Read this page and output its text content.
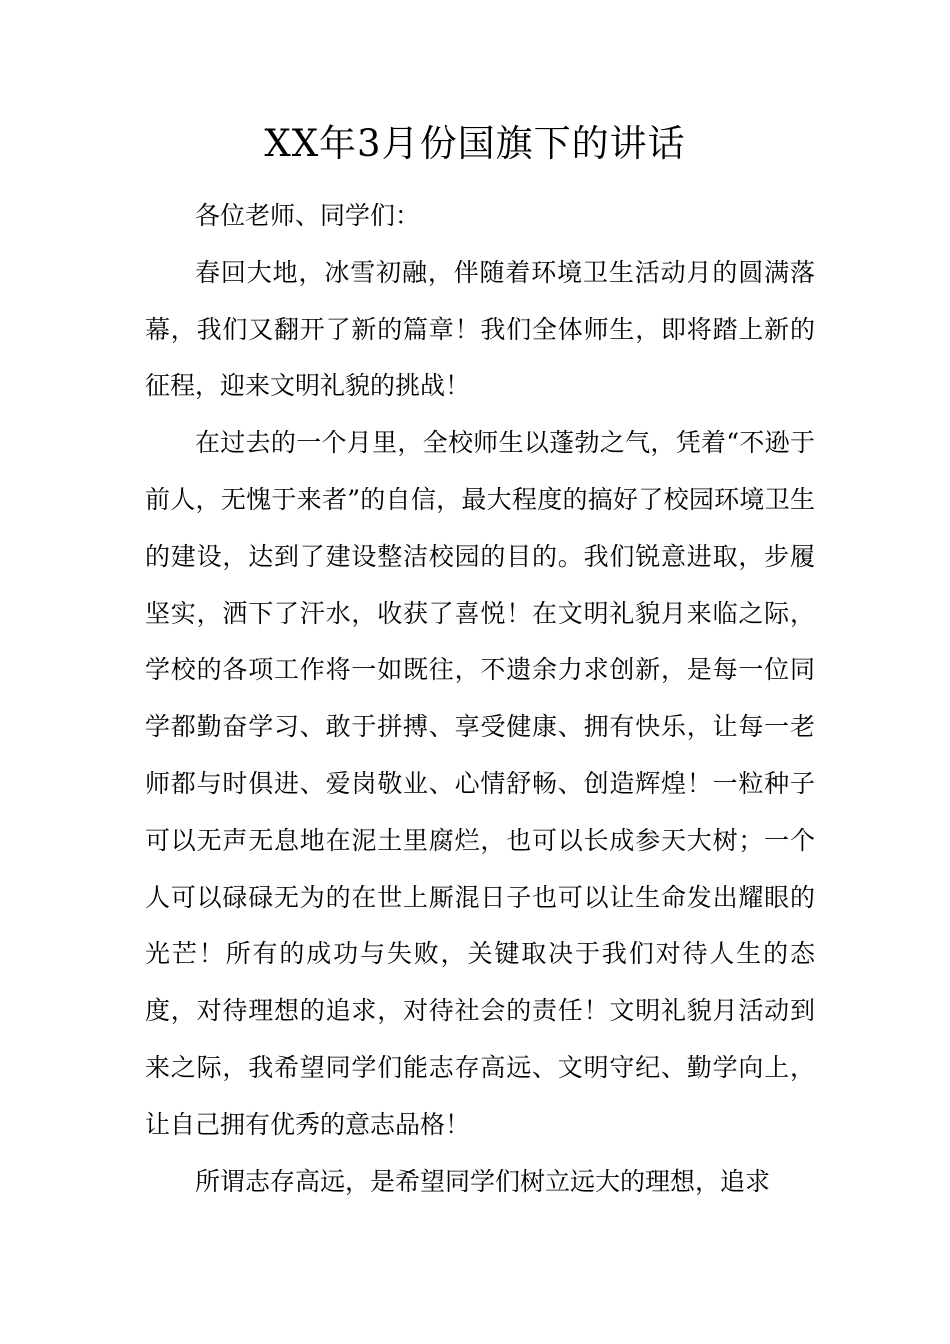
XX年3月份国旗下的讲话

各位老师、同学们：

春回大地，冰雪初融，伴随着环境卫生活动月的圆满落幕，我们又翻开了新的篇章！我们全体师生，即将踏上新的征程，迎来文明礼貌的挑战！

在过去的一个月里，全校师生以蓬勃之气，凭着“不逊于前人，无愧于来者”的自信，最大程度的搞好了校园环境卫生的建设，达到了建设整洁校园的目的。我们锐意进取，步履坚实，洒下了汗水，收获了喜悦！在文明礼貌月来临之际，学校的各项工作将一如既往，不遗余力求创新，是每一位同学都勤奋学习、敢于拼搏、享受健康、拥有快乐，让每一老师都与时俱进、爱岗敬业、心情舒畅、创造辉煌！一粒种子可以无声无息地在泥土里腐烂，也可以长成参天大树；一个人可以碌碌无为的在世上厮混日子也可以让生命发出耀眼的光芒！所有的成功与失败，关键取决于我们对待人生的态度，对待理想的追求，对待社会的责任！文明礼貌月活动到来之际，我希望同学们能志存高远、文明守纪、勤学向上，让自己拥有优秀的意志品格！

所谓志存高远，是希望同学们树立远大的理想，追求
